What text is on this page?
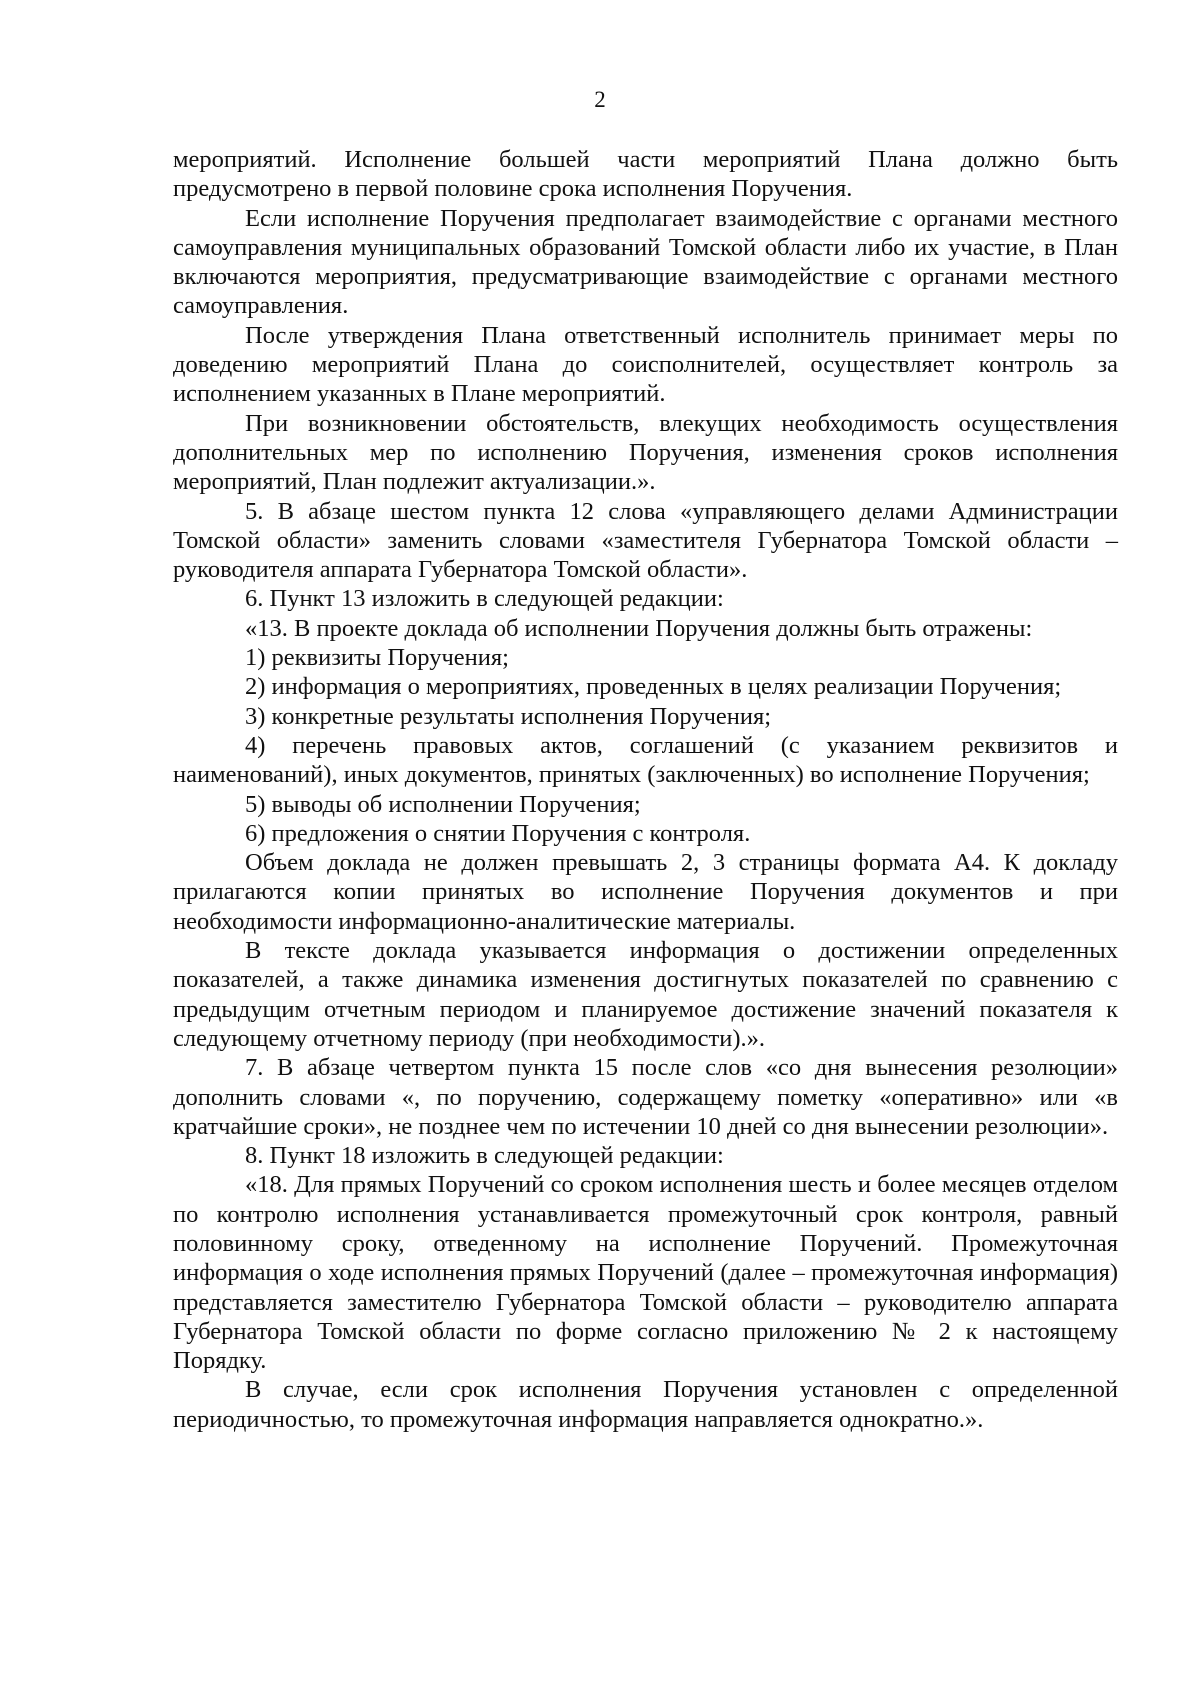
2

мероприятий. Исполнение большей части мероприятий Плана должно быть предусмотрено в первой половине срока исполнения Поручения.

Если исполнение Поручения предполагает взаимодействие с органами местного самоуправления муниципальных образований Томской области либо их участие, в План включаются мероприятия, предусматривающие взаимодействие с органами местного самоуправления.

После утверждения Плана ответственный исполнитель принимает меры по доведению мероприятий Плана до соисполнителей, осуществляет контроль за исполнением указанных в Плане мероприятий.

При возникновении обстоятельств, влекущих необходимость осуществления дополнительных мер по исполнению Поручения, изменения сроков исполнения мероприятий, План подлежит актуализации.».

5. В абзаце шестом пункта 12 слова «управляющего делами Администрации Томской области» заменить словами «заместителя Губернатора Томской области – руководителя аппарата Губернатора Томской области».

6. Пункт 13 изложить в следующей редакции:

«13. В проекте доклада об исполнении Поручения должны быть отражены:

1) реквизиты Поручения;

2) информация о мероприятиях, проведенных в целях реализации Поручения;

3) конкретные результаты исполнения Поручения;

4) перечень правовых актов, соглашений (с указанием реквизитов и наименований), иных документов, принятых (заключенных) во исполнение Поручения;

5) выводы об исполнении Поручения;

6) предложения о снятии Поручения с контроля.

Объем доклада не должен превышать 2, 3 страницы формата А4. К докладу прилагаются копии принятых во исполнение Поручения документов и при необходимости информационно-аналитические материалы.

В тексте доклада указывается информация о достижении определенных показателей, а также динамика изменения достигнутых показателей по сравнению с предыдущим отчетным периодом и планируемое достижение значений показателя к следующему отчетному периоду (при необходимости).».

7. В абзаце четвертом пункта 15 после слов «со дня вынесения резолюции» дополнить словами «, по поручению, содержащему пометку «оперативно» или «в кратчайшие сроки», не позднее чем по истечении 10 дней со дня вынесении резолюции».

8. Пункт 18 изложить в следующей редакции:

«18. Для прямых Поручений со сроком исполнения шесть и более месяцев отделом по контролю исполнения устанавливается промежуточный срок контроля, равный половинному сроку, отведенному на исполнение Поручений. Промежуточная информация о ходе исполнения прямых Поручений (далее – промежуточная информация) представляется заместителю Губернатора Томской области – руководителю аппарата Губернатора Томской области по форме согласно приложению № 2 к настоящему Порядку.

В случае, если срок исполнения Поручения установлен с определенной периодичностью, то промежуточная информация направляется однократно.».
